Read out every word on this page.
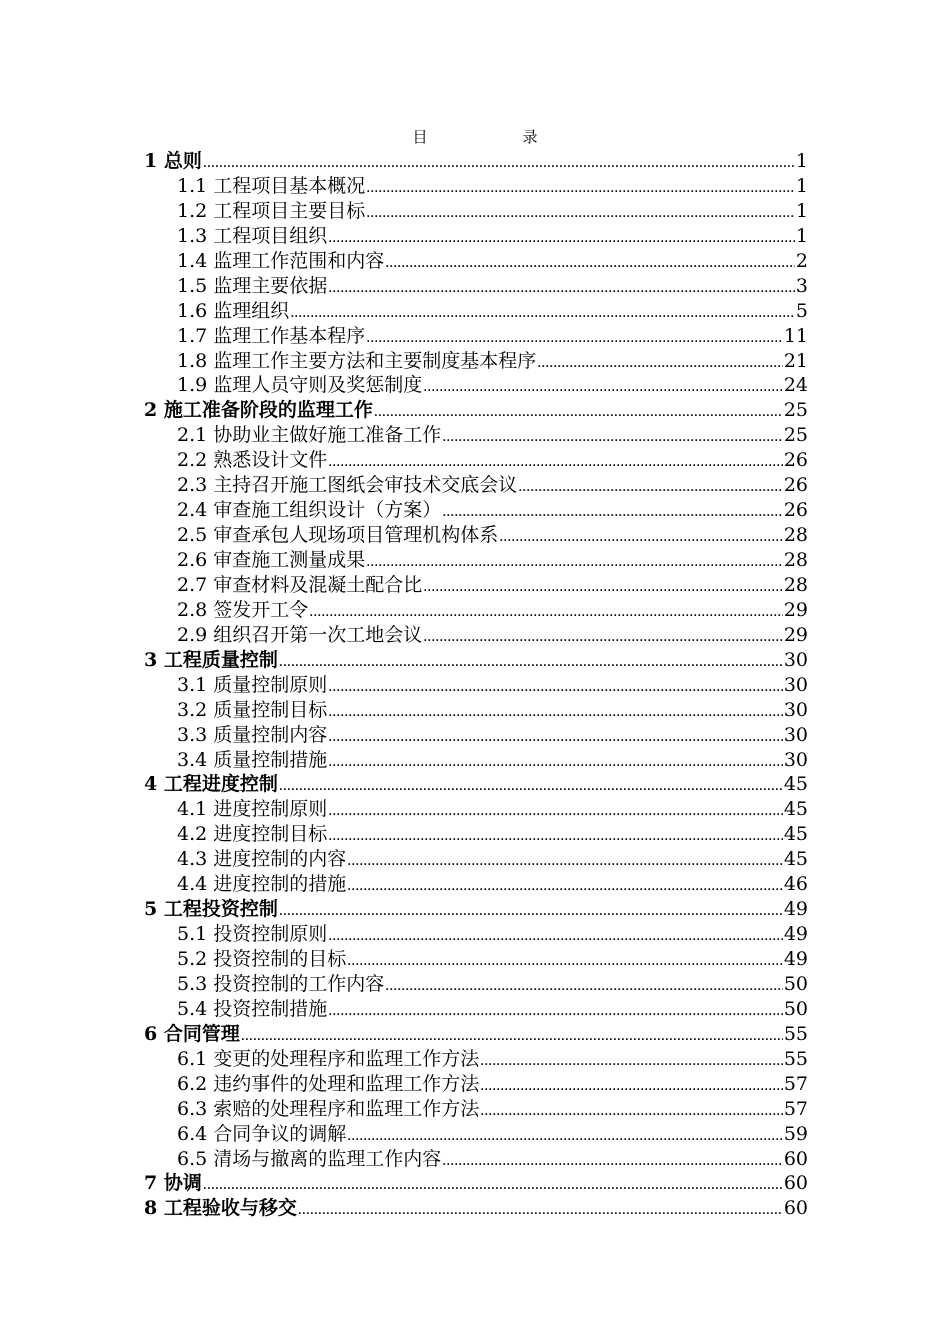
目　录
1 总则 .....	1
1.1 工程项目基本概况 .....	1
1.2 工程项目主要目标 .....	1
1.3 工程项目组织 .....	1
1.4 监理工作范围和内容 .....	2
1.5 监理主要依据 .....	3
1.6 监理组织 .....	5
1.7 监理工作基本程序 .....	11
1.8 监理工作主要方法和主要制度基本程序 .....	21
1.9 监理人员守则及奖惩制度 .....	24
2 施工准备阶段的监理工作 .....	25
2.1 协助业主做好施工准备工作 .....	25
2.2 熟悉设计文件 .....	26
2.3 主持召开施工图纸会审技术交底会议 .....	26
2.4 审查施工组织设计（方案） .....	26
2.5 审查承包人现场项目管理机构体系 .....	28
2.6 审查施工测量成果 .....	28
2.7 审查材料及混凝土配合比 .....	28
2.8 签发开工令 .....	29
2.9 组织召开第一次工地会议 .....	29
3 工程质量控制 .....	30
3.1 质量控制原则 .....	30
3.2 质量控制目标 .....	30
3.3 质量控制内容 .....	30
3.4 质量控制措施 .....	30
4 工程进度控制 .....	45
4.1 进度控制原则 .....	45
4.2 进度控制目标 .....	45
4.3 进度控制的内容 .....	45
4.4 进度控制的措施 .....	46
5 工程投资控制 .....	49
5.1 投资控制原则 .....	49
5.2 投资控制的目标 .....	49
5.3 投资控制的工作内容 .....	50
5.4 投资控制措施 .....	50
6 合同管理 .....	55
6.1 变更的处理程序和监理工作方法 .....	55
6.2 违约事件的处理和监理工作方法 .....	57
6.3 索赔的处理程序和监理工作方法 .....	57
6.4 合同争议的调解 .....	59
6.5 清场与撤离的监理工作内容 .....	60
7 协调 .....	60
8 工程验收与移交 .....	60
